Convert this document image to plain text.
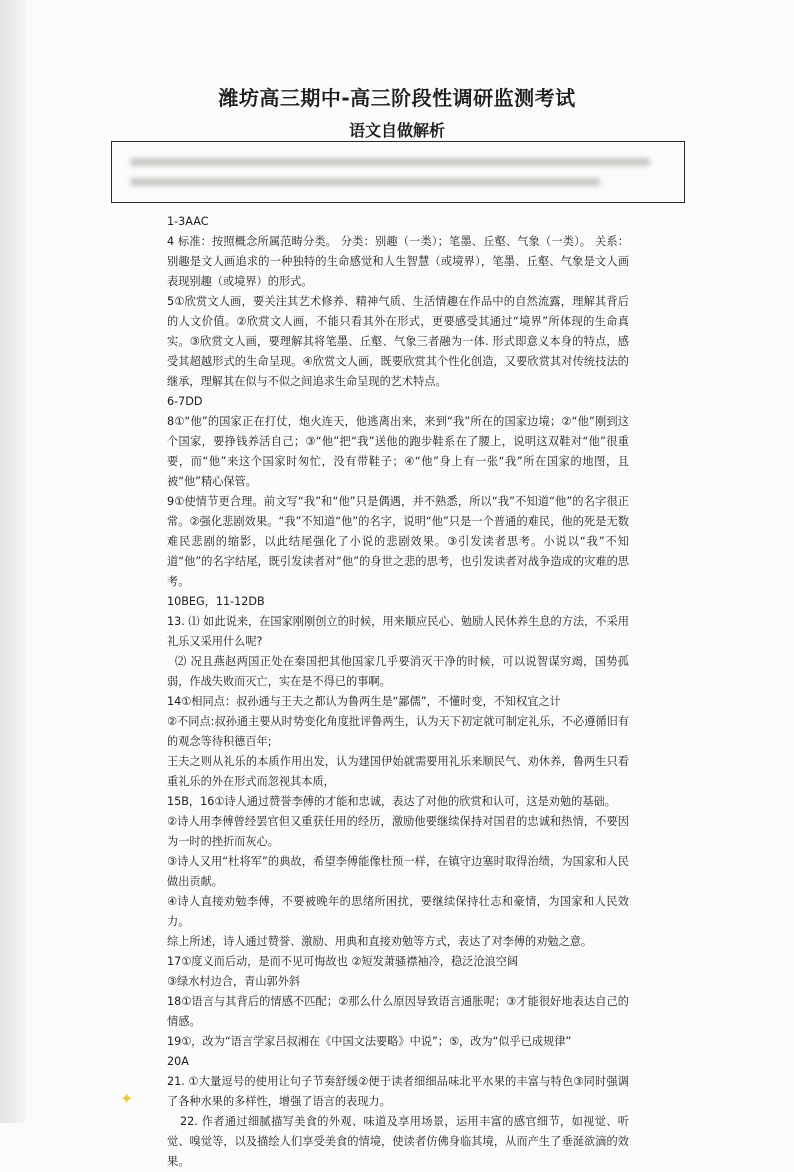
潍坊高三期中-高三阶段性调研监测考试
语文自做解析

1-3AAC

4 标准：按照概念所属范畴分类。 分类：别趣（一类）；笔墨、丘壑、气象（一类）。 关系：别趣是文人画追求的一种独特的生命感觉和人生智慧（或境界），笔墨、丘壑、气象是文人画表现别趣（或境界）的形式。

5①欣赏文人画，要关注其艺术修养、精神气质、生活情趣在作品中的自然流露，理解其背后的人文价值。②欣赏文人画，不能只看其外在形式，更要感受其通过“境界”所体现的生命真实。③欣赏文人画，要理解其将笔墨、丘壑、气象三者融为一体. 形式即意义本身的特点，感受其超越形式的生命呈现。④欣赏文人画，既要欣赏其个性化创造，又要欣赏其对传统技法的继承，理解其在似与不似之间追求生命呈现的艺术特点。

6-7DD

8①“他”的国家正在打仗，炮火连天，他逃离出来，来到“我”所在的国家边境；②“他”刚到这个国家，要挣钱养活自己；③“他”把“我”送他的跑步鞋系在了腰上，说明这双鞋对“他”很重要，而“他”来这个国家时匆忙，没有带鞋子；④“他”身上有一张“我”所在国家的地图，且被“他”精心保管。

9①使情节更合理。前文写“我”和“他”只是偶遇，并不熟悉，所以“我”不知道“他”的名字很正常。②强化悲剧效果。“我”不知道“他”的名字，说明“他”只是一个普通的难民，他的死是无数难民悲剧的缩影，以此结尾强化了小说的悲剧效果。③引发读者思考。小说以“我”不知道“他”的名字结尾，既引发读者对“他”的身世之悲的思考，也引发读者对战争造成的灾难的思考。

10BEG，11-12DB

13. ⑴ 如此说来，在国家刚刚创立的时候，用来顺应民心、勉励人民休养生息的方法，不采用礼乐又采用什么呢?

⑵ 况且燕赵两国正处在秦国把其他国家几乎要消灭干净的时候，可以说智谋穷竭，国势孤弱，作战失败而灭亡，实在是不得已的事啊。

14①相同点：叔孙通与王夫之都认为鲁两生是“鄙儒”，不懂时变，不知权宜之计

②不同点:叔孙通主要从时势变化角度批评鲁两生，认为天下初定就可制定礼乐，不必遵循旧有的观念等待积德百年;

王夫之则从礼乐的本质作用出发，认为建国伊始就需要用礼乐来顺民气、劝休养，鲁两生只看重礼乐的外在形式而忽视其本质，

15B，16①诗人通过赞誉李傅的才能和忠诚，表达了对他的欣赏和认可，这是劝勉的基础。

②诗人用李傅曾经罢官但又重获任用的经历，激励他要继续保持对国君的忠诚和热情，不要因为一时的挫折而灰心。

③诗人又用“杜将军”的典故，希望李傅能像杜预一样，在镇守边塞时取得治绩，为国家和人民做出贡献。

④诗人直接劝勉李傅，不要被晚年的思绪所困扰，要继续保持壮志和豪情，为国家和人民效力。

综上所述，诗人通过赞誉、激励、用典和直接劝勉等方式，表达了对李傅的劝勉之意。

17①度义而后动，是而不见可悔故也 ②短发萧骚襟袖冷，稳泛沧浪空阔

③绿水村边合，青山郭外斜

18①语言与其背后的情感不匹配；②那么什么原因导致语言通胀呢；③才能很好地表达自己的情感。

19①，改为“语言学家吕叔湘在《中国文法要略》中说”；⑤，改为“似乎已成规律”

20A

21. ①大量逗号的使用让句子节奏舒缓②便于读者细细品味北平水果的丰富与特色③同时强调了各种水果的多样性，增强了语言的表现力。

22. 作者通过细腻描写美食的外观、味道及享用场景，运用丰富的感官细节，如视觉、听觉、嗅觉等，以及描绘人们享受美食的情境，使读者仿佛身临其境，从而产生了垂涎欲滴的效果。

✦
